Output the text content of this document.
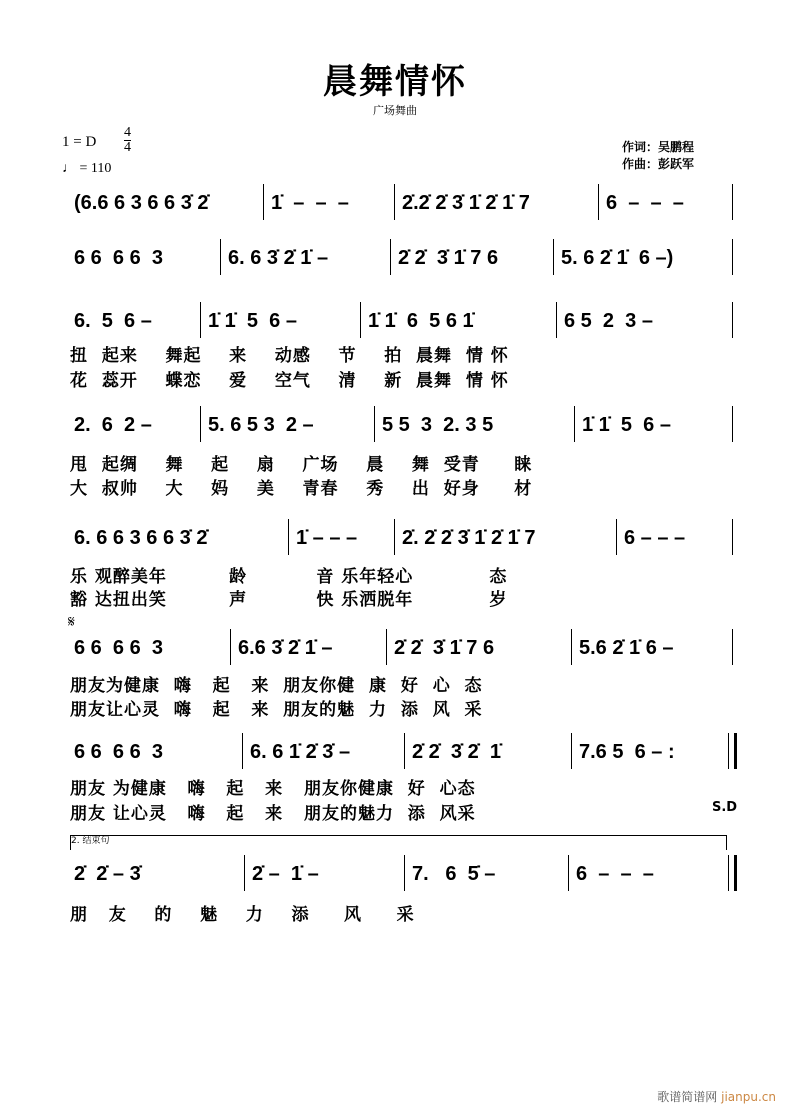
晨舞情怀
广场舞曲
1 = D
4
4
♩ = 110
作词：吴鹏程
作曲：彭跃军
𝄋
S.D
2. 结束句
歌谱简谱网 jianpu.cn
(6.6 6 3 6 6 3̇ 2̇	1̇  –  –  –	2̇.2̇ 2̇ 3̇ 1̇ 2̇ 1̇ 7	6  –  –  –
6 6  6 6  3	6. 6 3̇ 2̇ 1̇ –	2̇ 2̇  3̇ 1̇ 7 6	5. 6 2̇ 1̇  6 –)
6.  5  6 –	1̇ 1̇  5  6 –	1̇ 1̇  6  5 6 1̇	6 5  2  3 –
扭  起来    舞起    来    动感    节    拍  晨舞  情 怀
花  蕊开    蝶恋    爱    空气    清    新  晨舞  情 怀
2.  6  2 –	5. 6 5 3  2 –	5 5  3  2. 3 5	1̇ 1̇  5  6 –
甩  起绸    舞    起    扇    广场    晨    舞  受青     睐
大  叔帅    大    妈    美    青春    秀    出  好身     材
6. 6 6 3 6 6 3̇ 2̇	1̇ – – –	2̇. 2̇ 2̇ 3̇ 1̇ 2̇ 1̇ 7	6 – – –
乐 观醉美年         龄          音 乐年轻心           态
豁 达扭出笑         声          快 乐洒脱年           岁
6 6  6 6  3	6.6 3̇ 2̇ 1̇ –	2̇ 2̇  3̇ 1̇ 7 6	5.6 2̇ 1̇ 6 –
朋友为健康  嗨   起   来  朋友你健  康  好  心  态
朋友让心灵  嗨   起   来  朋友的魅  力  添  风  采
6 6  6 6  3	6. 6 1̇ 2̇ 3̇ –	2̇ 2̇  3̇ 2̇  1̇	7.6 5  6 – :
朋友 为健康   嗨   起   来   朋友你健康  好  心态
朋友 让心灵   嗨   起   来   朋友的魅力  添  风采
2̇  2̇ – 3̇	2̇ –  1̇ –	7.   6  5̇ –	6  –  –  –
朋   友    的    魅    力    添     风     采
